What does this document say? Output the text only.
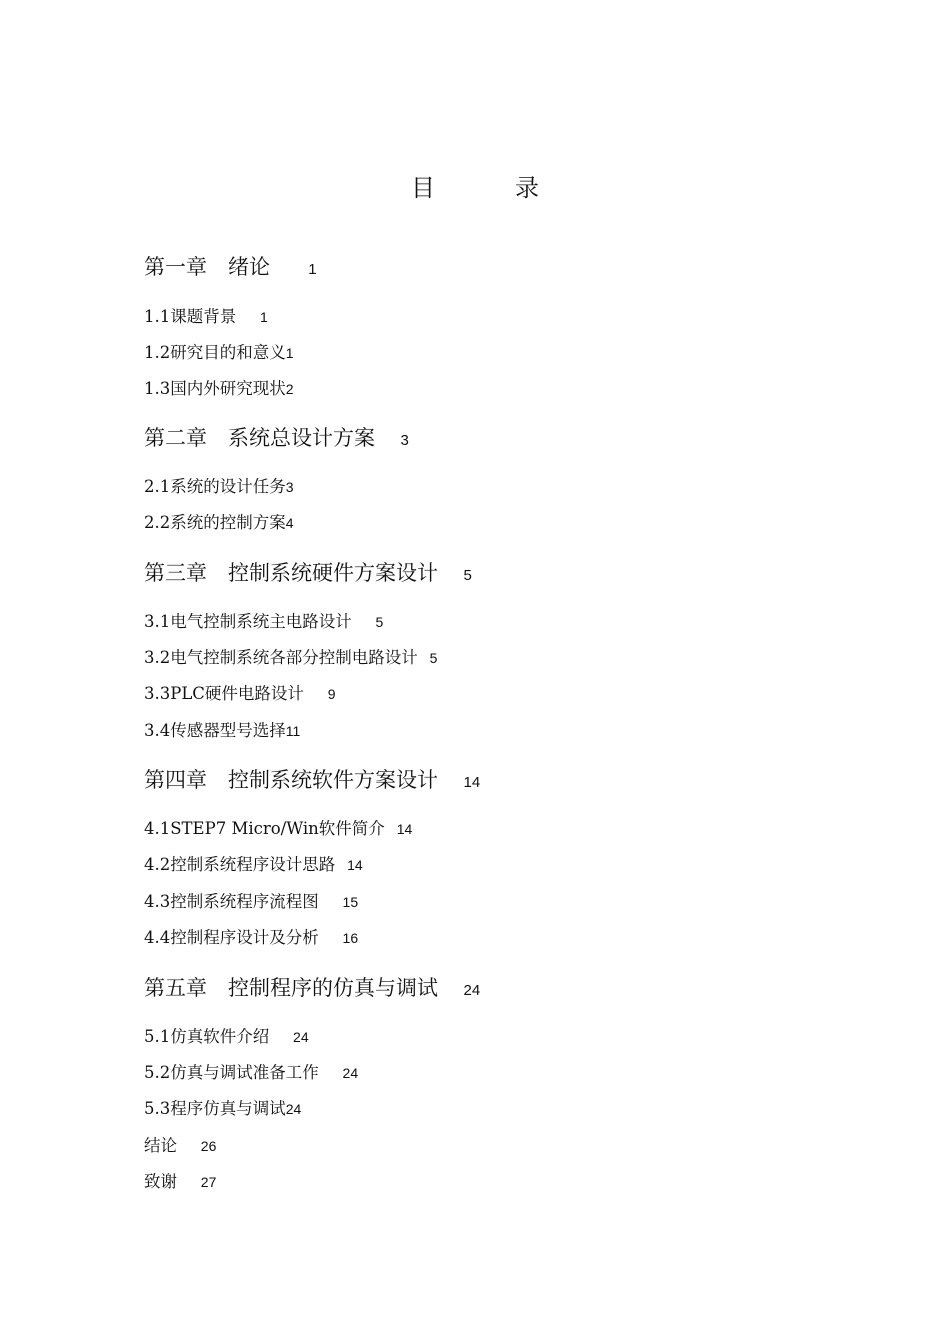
目　录
第一章　绪论	1
1.1课题背景 1
1.2研究目的和意义1
1.3国内外研究现状2
第二章　系统总设计方案 3
2.1系统的设计任务3
2.2系统的控制方案4
第三章　控制系统硬件方案设计 5
3.1电气控制系统主电路设计 5
3.2电气控制系统各部分控制电路设计 5
3.3PLC硬件电路设计 9
3.4传感器型号选择11
第四章　控制系统软件方案设计 14
4.1STEP7 Micro/Win软件简介 14
4.2控制系统程序设计思路 14
4.3控制系统程序流程图 15
4.4控制程序设计及分析 16
第五章　控制程序的仿真与调试 24
5.1仿真软件介绍 24
5.2仿真与调试准备工作 24
5.3程序仿真与调试24
结论 26
致谢 27
